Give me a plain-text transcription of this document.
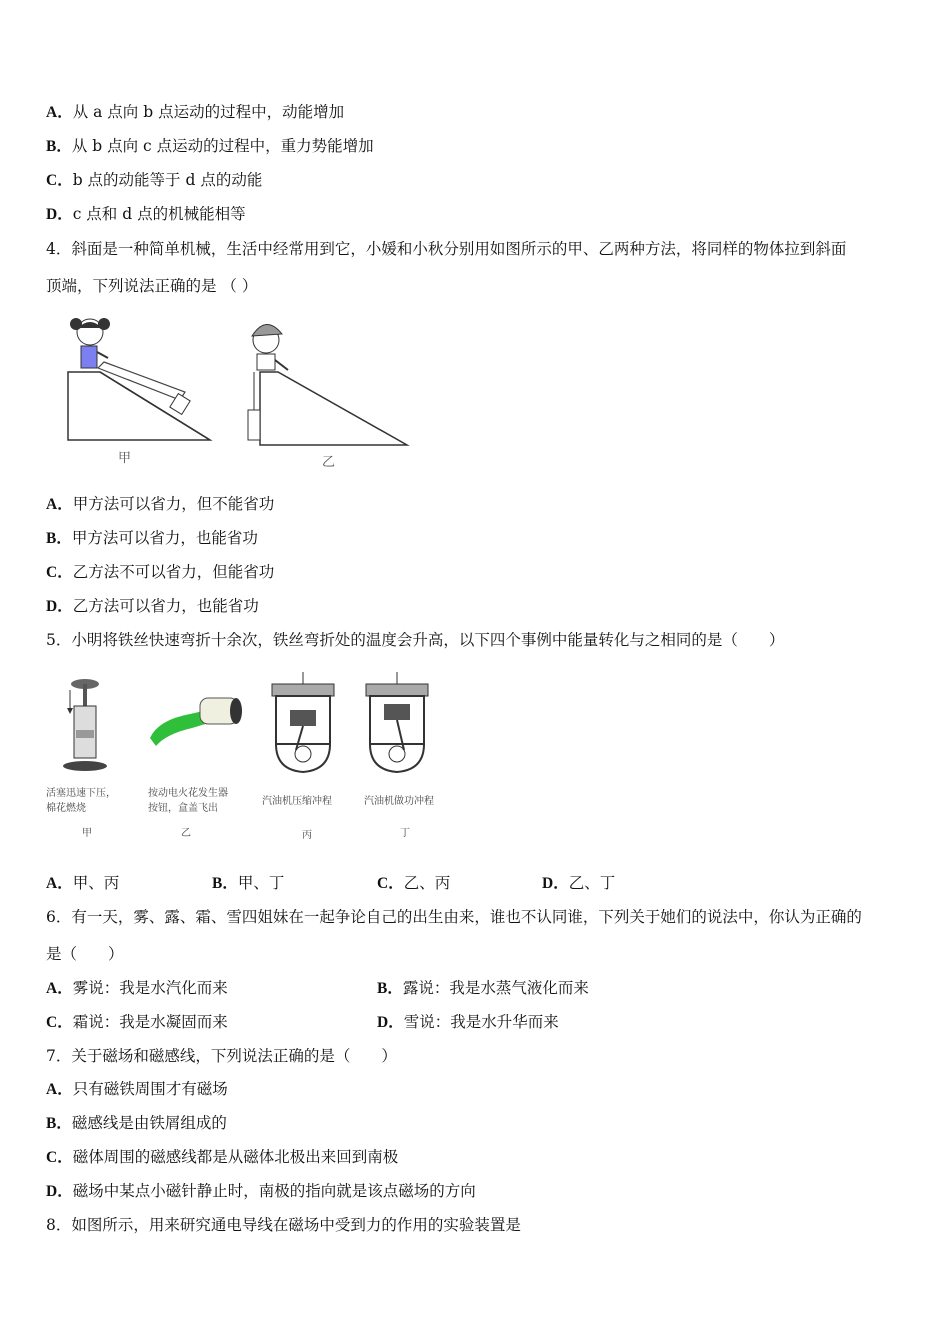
A．从 a 点向 b 点运动的过程中，动能增加
B．从 b 点向 c 点运动的过程中，重力势能增加
C．b 点的动能等于 d 点的动能
D．c 点和 d 点的机械能相等
4．斜面是一种简单机械，生活中经常用到它，小媛和小秋分别用如图所示的甲、乙两种方法，将同样的物体拉到斜面
顶端，下列说法正确的是 （ ）
甲	乙
A．甲方法可以省力，但不能省功
B．甲方法可以省力，也能省功
C．乙方法不可以省力，但能省功
D．乙方法可以省力，也能省功
5．小明将铁丝快速弯折十余次，铁丝弯折处的温度会升高，以下四个事例中能量转化与之相同的是（　　）
活塞迅速下压，
棉花燃烧
甲
按动电火花发生器
按钮，盒盖飞出
乙
汽油机压缩冲程
丙
汽油机做功冲程
丁
A．甲、丙	B．甲、丁	C．乙、丙	D．乙、丁
6．有一天，雾、露、霜、雪四姐妹在一起争论自己的出生由来，谁也不认同谁，下列关于她们的说法中，你认为正确的
是（　　）
A．雾说：我是水汽化而来	B．露说：我是水蒸气液化而来
C．霜说：我是水凝固而来	D．雪说：我是水升华而来
7．关于磁场和磁感线，下列说法正确的是（　　）
A．只有磁铁周围才有磁场
B．磁感线是由铁屑组成的
C．磁体周围的磁感线都是从磁体北极出来回到南极
D．磁场中某点小磁针静止时，南极的指向就是该点磁场的方向
8．如图所示，用来研究通电导线在磁场中受到力的作用的实验装置是
